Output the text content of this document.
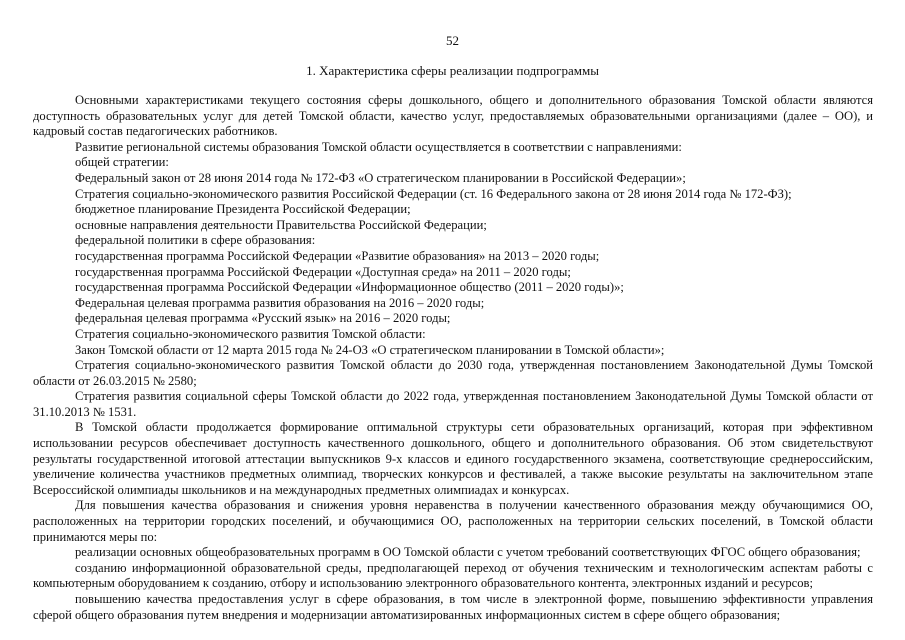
52
1. Характеристика сферы реализации подпрограммы

Основными характеристиками текущего состояния сферы дошкольного, общего и дополнительного образования Томской области являются доступность образовательных услуг для детей Томской области, качество услуг, предоставляемых образовательными организациями (далее – ОО), и кадровый состав педагогических работников.

Развитие региональной системы образования Томской области осуществляется в соответствии с направлениями:

общей стратегии:

Федеральный закон от 28 июня 2014 года № 172-ФЗ «О стратегическом планировании в Российской Федерации»;

Стратегия социально-экономического развития Российской Федерации (ст. 16 Федерального закона от 28 июня 2014 года № 172-ФЗ);

бюджетное планирование Президента Российской Федерации;

основные направления деятельности Правительства Российской Федерации;

федеральной политики в сфере образования:

государственная программа Российской Федерации «Развитие образования» на 2013 – 2020 годы;

государственная программа Российской Федерации «Доступная среда» на 2011 – 2020 годы;

государственная программа Российской Федерации «Информационное общество (2011 – 2020 годы)»;

Федеральная целевая программа развития образования на 2016 – 2020 годы;

федеральная целевая программа «Русский язык» на 2016 – 2020 годы;

Стратегия социально-экономического развития Томской области:

Закон Томской области от 12 марта 2015 года № 24-ОЗ «О стратегическом планировании в Томской области»;

Стратегия социально-экономического развития Томской области до 2030 года, утвержденная постановлением Законодательной Думы Томской области от 26.03.2015 № 2580;

Стратегия развития социальной сферы Томской области до 2022 года, утвержденная постановлением Законодательной Думы Томской области от 31.10.2013 № 1531.

В Томской области продолжается формирование оптимальной структуры сети образовательных организаций, которая при эффективном использовании ресурсов обеспечивает доступность качественного дошкольного, общего и дополнительного образования. Об этом свидетельствуют результаты государственной итоговой аттестации выпускников 9-х классов и единого государственного экзамена, соответствующие среднероссийским, увеличение количества участников предметных олимпиад, творческих конкурсов и фестивалей, а также высокие результаты на заключительном этапе Всероссийской олимпиады школьников и на международных предметных олимпиадах и конкурсах.

Для повышения качества образования и снижения уровня неравенства в получении качественного образования между обучающимися ОО, расположенных на территории городских поселений, и обучающимися ОО, расположенных на территории сельских поселений, в Томской области принимаются меры по:

реализации основных общеобразовательных программ в ОО Томской области с учетом требований соответствующих ФГОС общего образования;

созданию информационной образовательной среды, предполагающей переход от обучения техническим и технологическим аспектам работы с компьютерным оборудованием к созданию, отбору и использованию электронного образовательного контента, электронных изданий и ресурсов;

повышению качества предоставления услуг в сфере образования, в том числе в электронной форме, повышению эффективности управления сферой общего образования путем внедрения и модернизации автоматизированных информационных систем в сфере общего образования;
